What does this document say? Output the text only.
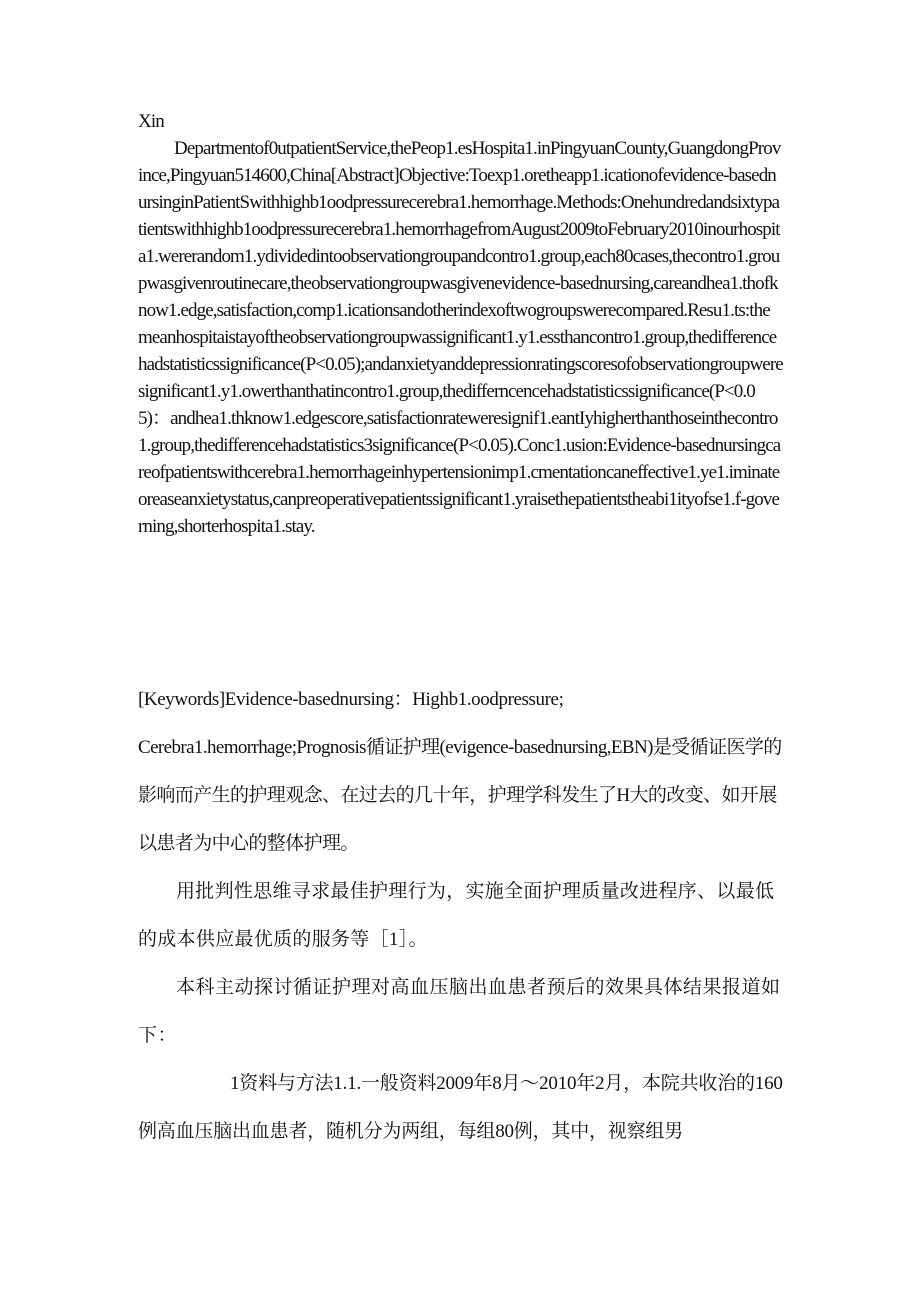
Xin

Departmentof0utpatientService,thePeop1.esHospita1.inPingyuanCounty,GuangdongProvince,Pingyuan514600,China[Abstract]Objective:Toexp1.oretheapp1.icationofevidence-basednursinginPatientSwithhighb1oodpressurecerebra1.hemorrhage.Methods:Onehundredandsixtypatientswithhighb1oodpressurecerebra1.hemorrhagefromAugust2009toFebruary2010inourhospita1.wererandom1.ydividedintoobservationgroupandcontro1.group,each80cases,thecontro1.groupwasgivenroutinecare,theobservationgroupwasgivenevidence-basednursing,careandhea1.thofknow1.edge,satisfaction,comp1.icationsandotherindexoftwogroupswerecompared.Resu1.ts:themeanhospitaistayoftheobservationgroupwassignificant1.y1.essthancontro1.group,thedifferencehadstatisticssignificance(P<0.05);andanxietyanddepressionratingscoresofobservationgroupweresignificant1.y1.owerthanthatincontro1.group,thedifferncencehadstatisticssignificance(P<0.05)：andhea1.thknow1.edgescore,satisfactionrateweresignif1.eantIyhigherthanthoseinthecontro1.group,thedifferencehadstatistics3significance(P<0.05).Conc1.usion:Evidence-basednursingcareofpatientswithcerebra1.hemorrhageinhypertensionimp1.cmentationcaneffective1.ye1.iminateoreaseanxietystatus,canpreoperativepatientssignificant1.yraisethepatientstheabi1ityofse1.f-governing,shorterhospita1.stay.

[Keywords]Evidence-basednursing：Highb1.oodpressure;

Cerebra1.hemorrhage;Prognosis循证护理(evigence-basednursing,EBN)是受循证医学的影响而产生的护理观念、在过去的几十年，护理学科发生了H大的改变、如开展以患者为中心的整体护理。

用批判性思维寻求最佳护理行为，实施全面护理质量改进程序、以最低的成本供应最优质的服务等［1］。

本科主动探讨循证护理对高血压脑出血患者预后的效果具体结果报道如下：

1资料与方法1.1.一般资料2009年8月～2010年2月，本院共收治的160例高血压脑出血患者，随机分为两组，每组80例，其中，视察组男
